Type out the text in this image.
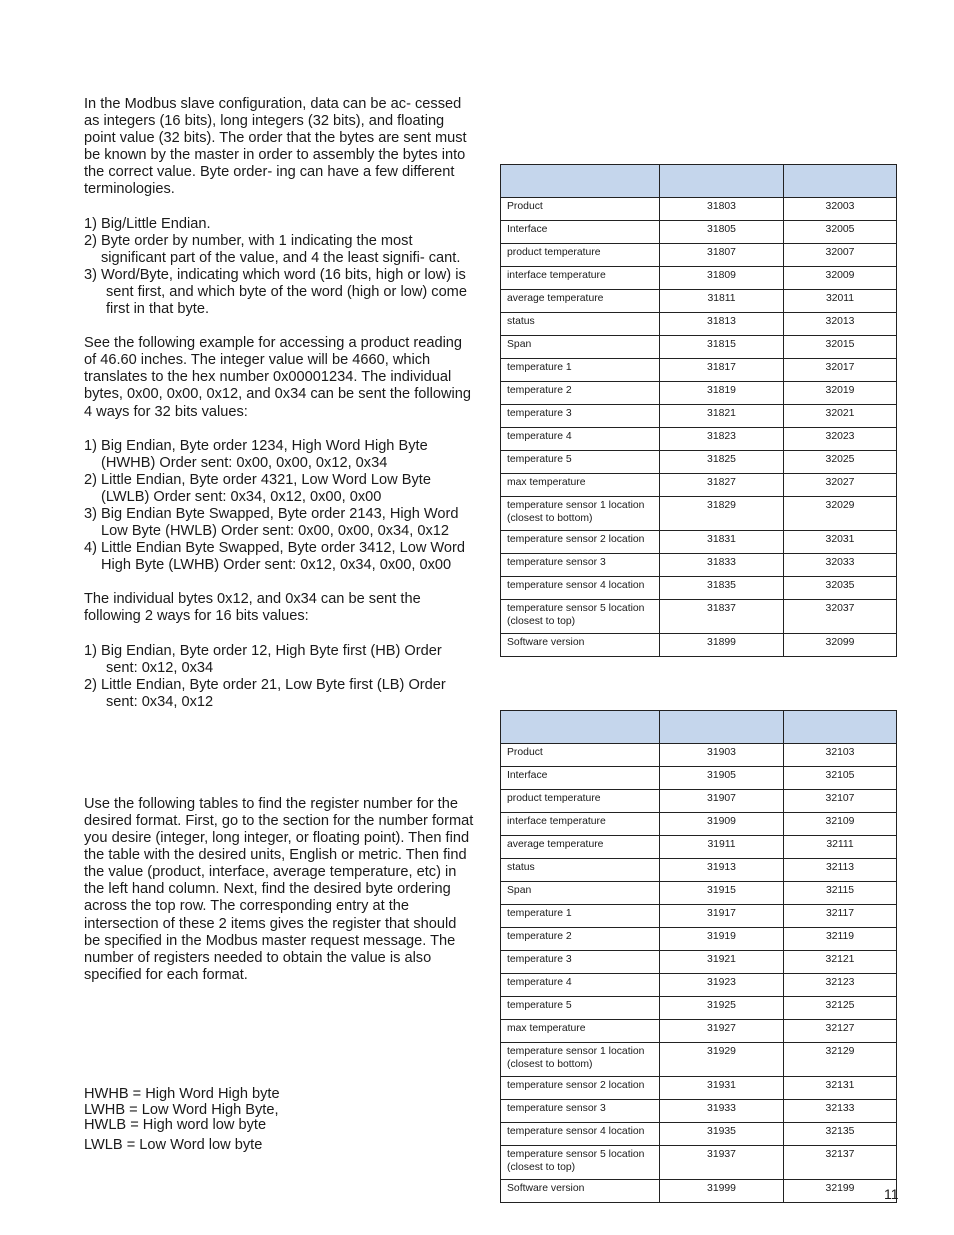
In the Modbus slave configuration, data can be ac- cessed as integers (16 bits), long integers (32 bits), and floating point value (32 bits). The order that the bytes are sent must be known by the master in order to assembly the bytes into the correct value. Byte order- ing can have a few different terminologies.

1) Big/Little Endian.

2) Byte order by number, with 1 indicating the most significant part of the value, and 4 the least signifi- cant.

3) Word/Byte, indicating which word (16 bits, high or low) is sent first, and which byte of the word (high or low) come first in that byte.

See the following example for accessing a product reading of 46.60 inches. The integer value will be 4660, which translates to the hex number 0x00001234. The individual bytes, 0x00, 0x00, 0x12, and 0x34 can be sent the following 4 ways for 32 bits values:

1) Big Endian, Byte order 1234, High Word High Byte (HWHB) Order sent: 0x00, 0x00, 0x12, 0x34

2) Little Endian, Byte order 4321, Low Word Low Byte (LWLB) Order sent: 0x34, 0x12, 0x00, 0x00

3) Big Endian Byte Swapped, Byte order 2143, High Word Low Byte (HWLB) Order sent: 0x00, 0x00, 0x34, 0x12

4) Little Endian Byte Swapped, Byte order 3412, Low Word High Byte (LWHB) Order sent: 0x12, 0x34, 0x00, 0x00

The individual bytes 0x12, and 0x34 can be sent the following 2 ways for 16 bits values:

1) Big Endian, Byte order 12, High Byte first (HB) Order sent: 0x12, 0x34

2) Little Endian, Byte order 21, Low Byte first (LB) Order sent: 0x34, 0x12

Use the following tables to find the register number for the desired format. First, go to the section for the number format you desire (integer, long integer, or floating point). Then find the table with the desired units, English or metric. Then find the value (product, interface, average temperature, etc) in the left hand column. Next, find the desired byte ordering across the top row. The corresponding entry at the intersection of these 2 items gives the register that should be specified in the Modbus master request message. The number of registers needed to obtain the value is also specified for each format.

HWHB = High Word High byte
LWHB = Low Word High Byte,
HWLB = High word low byte
LWLB = Low Word low byte

Product	31803	32003
Interface	31805	32005
product temperature	31807	32007
interface temperature	31809	32009
average temperature	31811	32011
status	31813	32013
Span	31815	32015
temperature 1	31817	32017
temperature 2	31819	32019
temperature 3	31821	32021
temperature 4	31823	32023
temperature 5	31825	32025
max temperature	31827	32027
temperature sensor 1 location (closest to bottom)	31829	32029
temperature sensor 2 location	31831	32031
temperature sensor 3	31833	32033
temperature sensor 4 location	31835	32035
temperature sensor 5 location (closest to top)	31837	32037
Software version	31899	32099

Product	31903	32103
Interface	31905	32105
product temperature	31907	32107
interface temperature	31909	32109
average temperature	31911	32111
status	31913	32113
Span	31915	32115
temperature 1	31917	32117
temperature 2	31919	32119
temperature 3	31921	32121
temperature 4	31923	32123
temperature 5	31925	32125
max temperature	31927	32127
temperature sensor 1 location (closest to bottom)	31929	32129
temperature sensor 2 location	31931	32131
temperature sensor 3	31933	32133
temperature sensor 4 location	31935	32135
temperature sensor 5 location (closest to top)	31937	32137
Software version	31999	32199 11
